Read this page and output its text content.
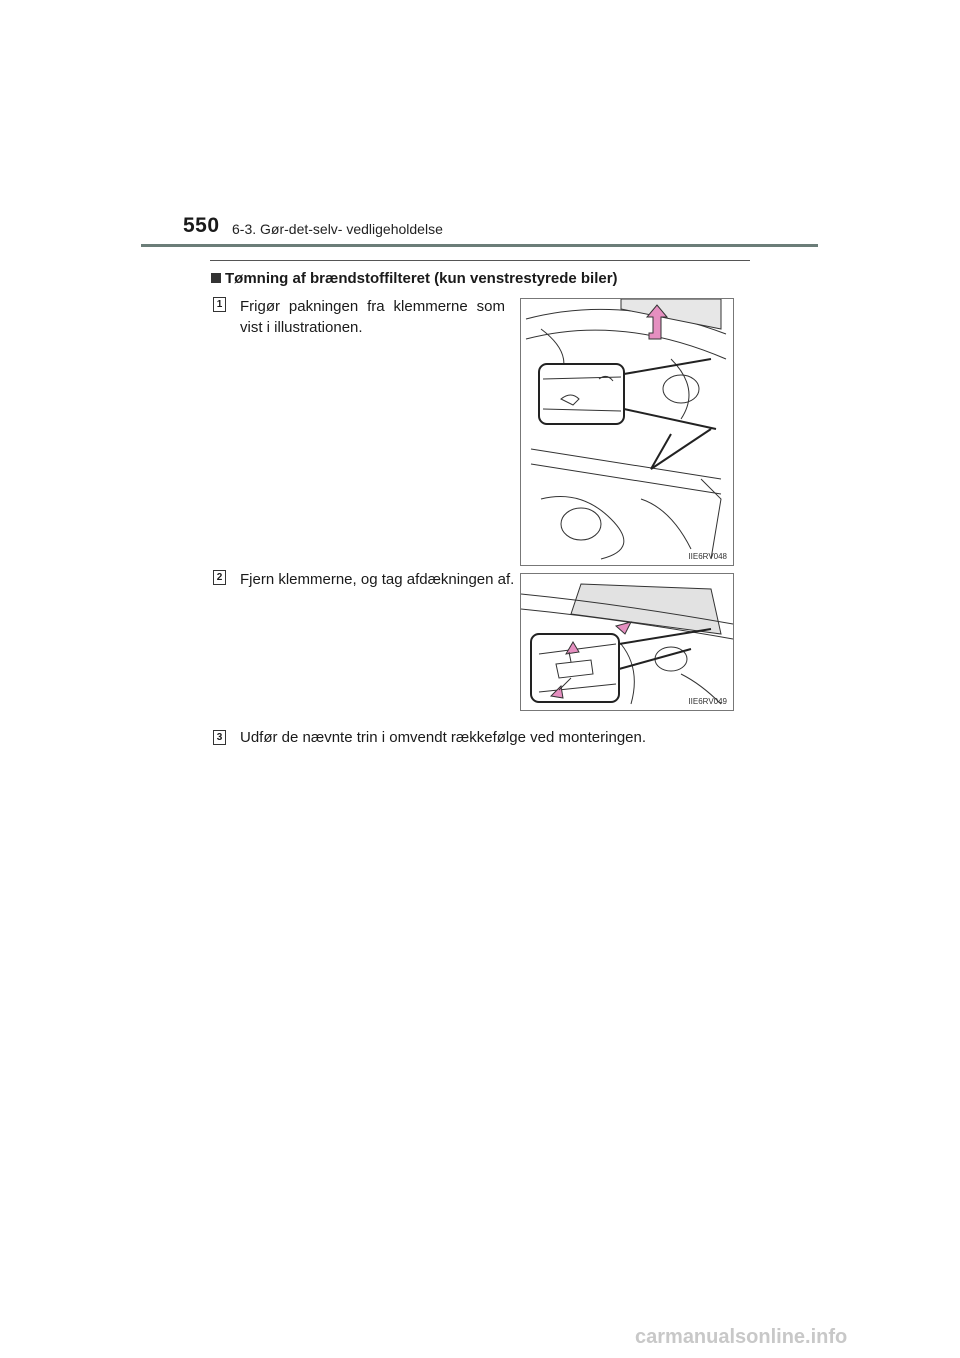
550 6-3. Gør-det-selv- vedligeholdelse
Tømning af brændstoffilteret (kun venstrestyrede biler)
1 Frigør pakningen fra klemmerne som vist i illustrationen.
IIE6RV048
2 Fjern klemmerne, og tag afdækningen af.
IIE6RV049
3 Udfør de nævnte trin i omvendt rækkefølge ved monteringen.
carmanualsonline.info
